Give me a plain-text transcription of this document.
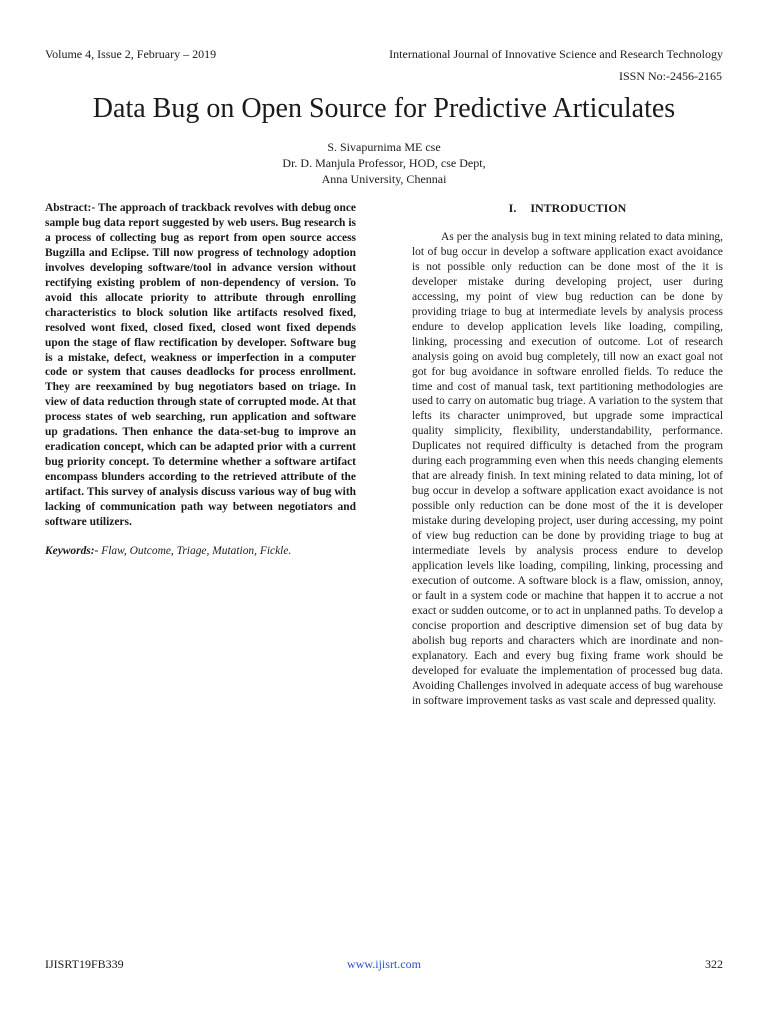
Volume 4, Issue 2, February – 2019	International Journal of Innovative Science and Research Technology
ISSN No:-2456-2165
Data Bug on Open Source for Predictive Articulates
S. Sivapurnima ME cse
Dr. D. Manjula Professor, HOD, cse Dept,
Anna University, Chennai

Abstract:- The approach of trackback revolves with debug once sample bug data report suggested by web users. Bug research is a process of collecting bug as report from open source access Bugzilla and Eclipse. Till now progress of technology adoption involves developing software/tool in advance version without rectifying existing problem of non-dependency of version. To avoid this allocate priority to attribute through enrolling characteristics to block solution like artifacts resolved fixed, resolved wont fixed, closed fixed, closed wont fixed depends upon the stage of flaw rectification by developer. Software bug is a mistake, defect, weakness or imperfection in a computer code or system that causes deadlocks for process enrollment. They are reexamined by bug negotiators based on triage. In view of data reduction through state of corrupted mode. At that process states of web searching, run application and software up gradations. Then enhance the data-set-bug to improve an eradication concept, which can be adapted prior with a current bug priority concept. To determine whether a software artifact encompass blunders according to the retrieved attribute of the artifact. This survey of analysis discuss various way of bug with lacking of communication path way between negotiators and software utilizers.

Keywords:- Flaw, Outcome, Triage, Mutation, Fickle.

I. INTRODUCTION

As per the analysis bug in text mining related to data mining, lot of bug occur in develop a software application exact avoidance is not possible only reduction can be done most of the it is developer mistake during developing project, user during accessing, my point of view bug reduction can be done by providing triage to bug at intermediate levels by analysis process endure to develop application levels like loading, compiling, linking, processing and execution of outcome. Lot of research analysis going on avoid bug completely, till now an exact goal not got for bug avoidance in software enrolled fields. To reduce the time and cost of manual task, text partitioning methodologies are used to carry on automatic bug triage. A variation to the system that lefts its character unimproved, but upgrade some impractical quality simplicity, flexibility, understandability, performance. Duplicates not required difficulty is detached from the program during each programming even when this needs changing elements that are already finish. In text mining related to data mining, lot of bug occur in develop a software application exact avoidance is not possible only reduction can be done most of the it is developer mistake during developing project, user during accessing, my point of view bug reduction can be done by providing triage to bug at intermediate levels by analysis process endure to develop application levels like loading, compiling, linking, processing and execution of outcome. A software block is a flaw, omission, annoy, or fault in a system code or machine that happen it to accrue a not exact or sudden outcome, or to act in unplanned paths. To develop a concise proportion and descriptive dimension set of bug data by abolish bug reports and characters which are inordinate and non-explanatory. Each and every bug fixing frame work should be developed for evaluate the implementation of processed bug data. Avoiding Challenges involved in adequate access of bug warehouse in software improvement tasks as vast scale and depressed quality.

IJISRT19FB339	www.ijisrt.com	322
